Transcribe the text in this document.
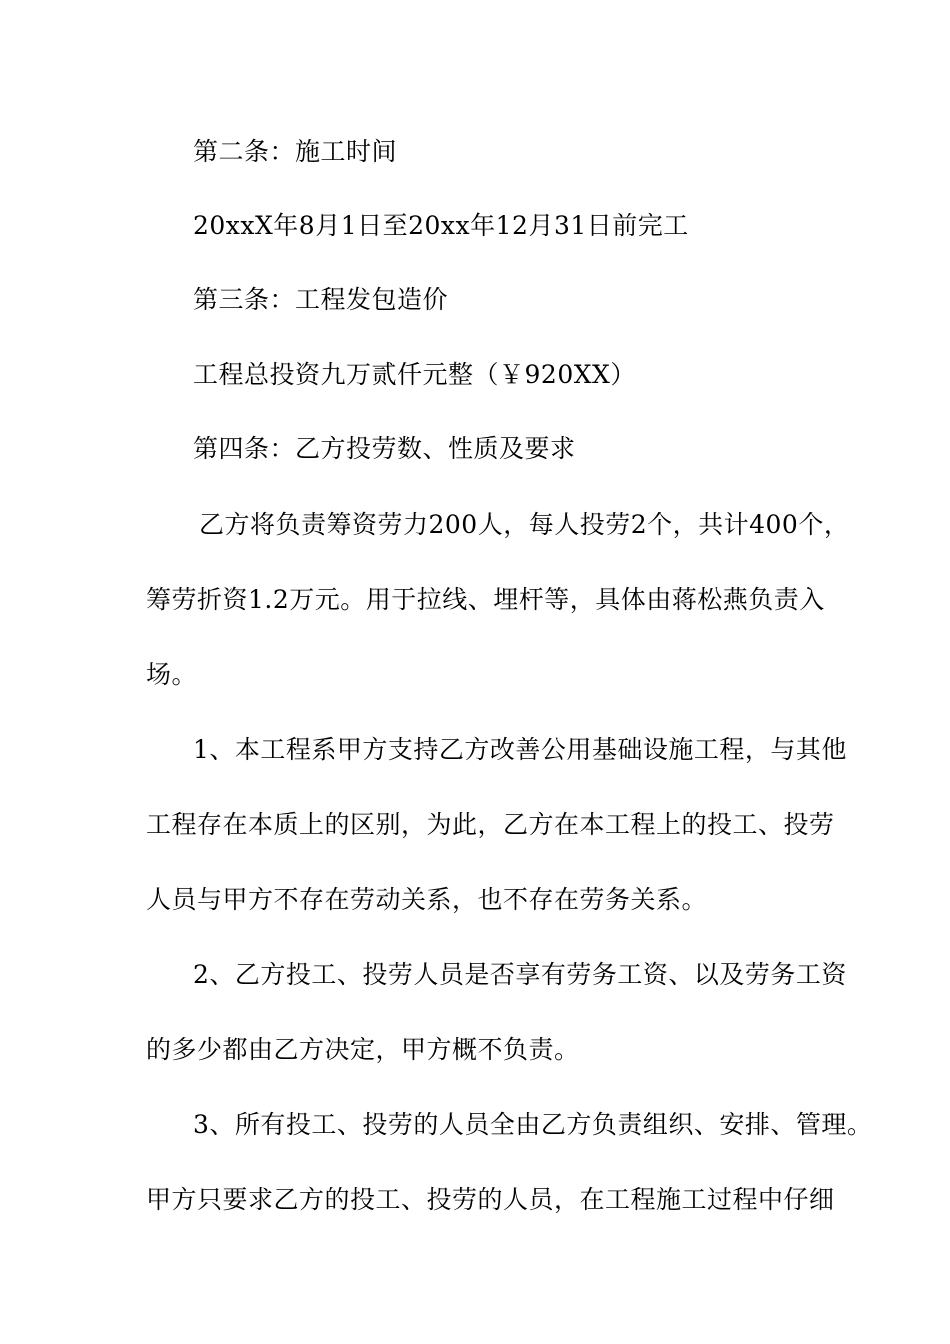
第二条：施工时间
20xxX年8月1日至20xx年12月31日前完工
第三条：工程发包造价
工程总投资九万贰仟元整（￥920XX）
第四条：乙方投劳数、性质及要求
乙方将负责筹资劳力200人，每人投劳2个，共计400个，
筹劳折资1.2万元。用于拉线、埋杆等，具体由蒋松燕负责入
场。
1、本工程系甲方支持乙方改善公用基础设施工程，与其他
工程存在本质上的区别，为此，乙方在本工程上的投工、投劳
人员与甲方不存在劳动关系，也不存在劳务关系。
2、乙方投工、投劳人员是否享有劳务工资、以及劳务工资
的多少都由乙方决定，甲方概不负责。
3、所有投工、投劳的人员全由乙方负责组织、安排、管理。
甲方只要求乙方的投工、投劳的人员，在工程施工过程中仔细
